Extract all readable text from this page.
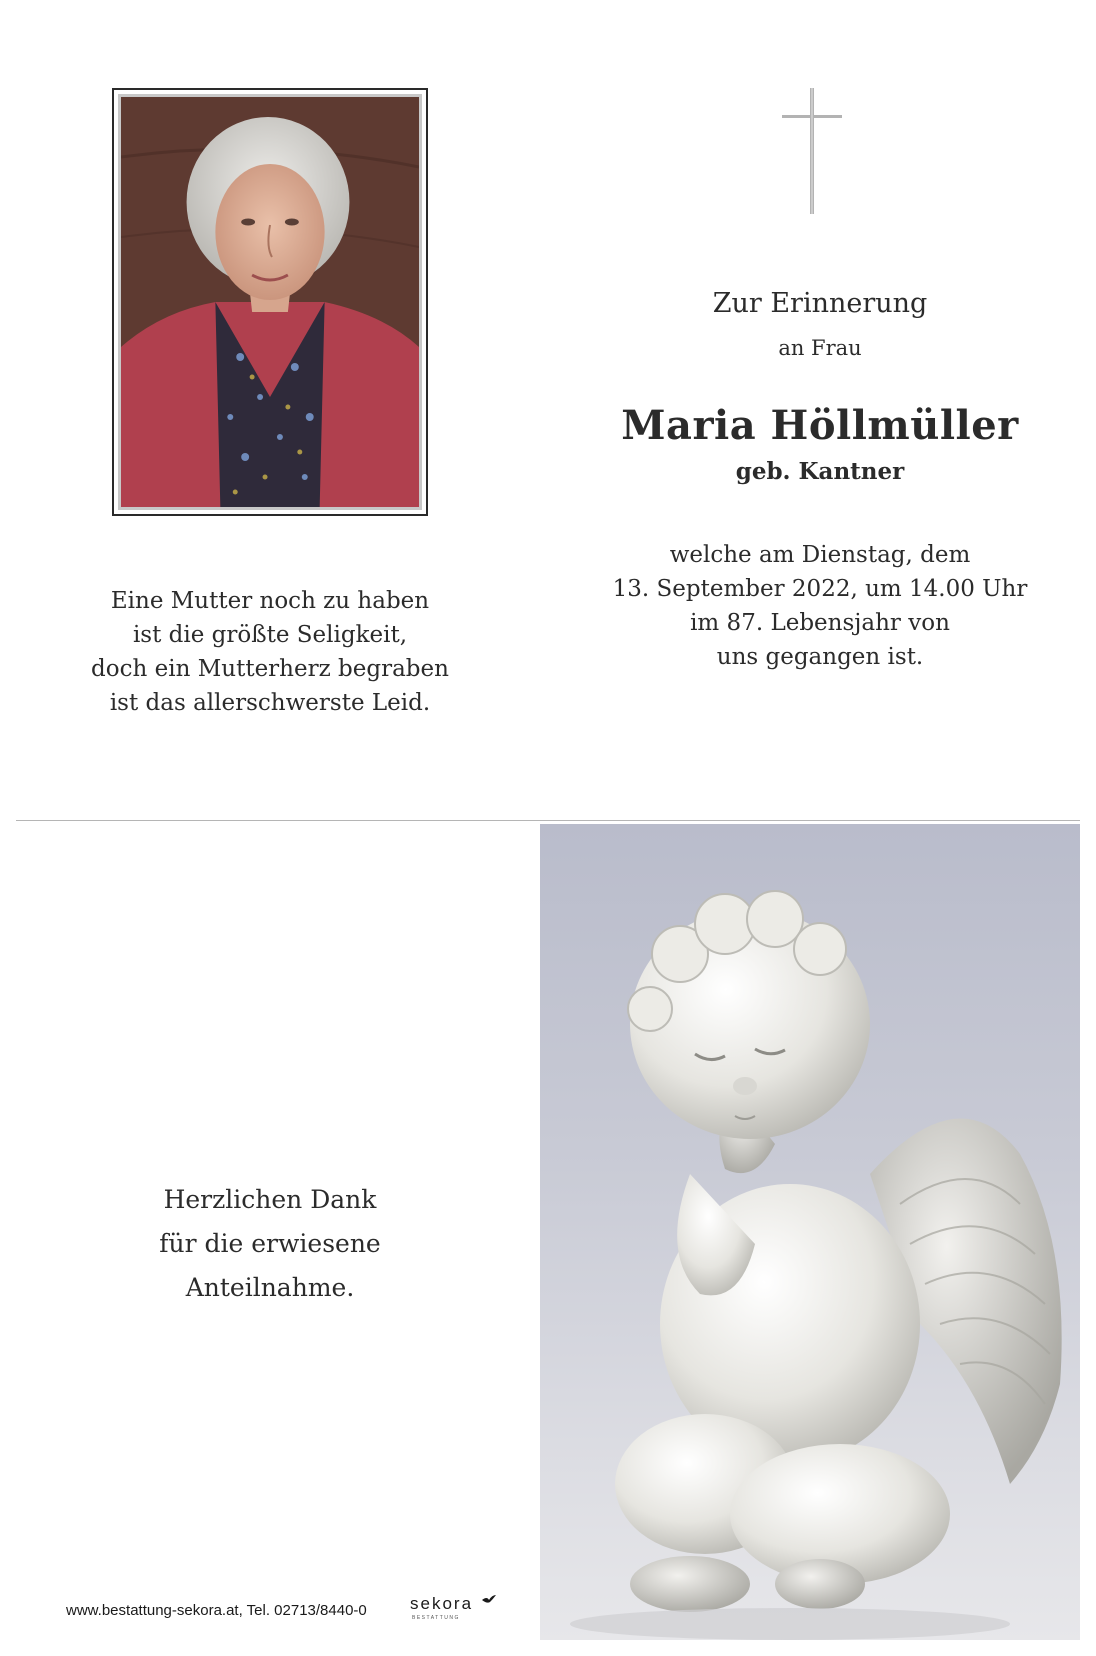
Zur Erinnerung
an Frau
Maria Höllmüller
geb. Kantner
welche am Dienstag, dem
13. September 2022, um 14.00 Uhr
im 87. Lebensjahr von
uns gegangen ist.
Eine Mutter noch zu haben
ist die größte Seligkeit,
doch ein Mutterherz begraben
ist das allerschwerste Leid.
Herzlichen Dank
für die erwiesene
Anteilnahme.
www.bestattung-sekora.at, Tel. 02713/8440-0	sekora
BESTATTUNG
